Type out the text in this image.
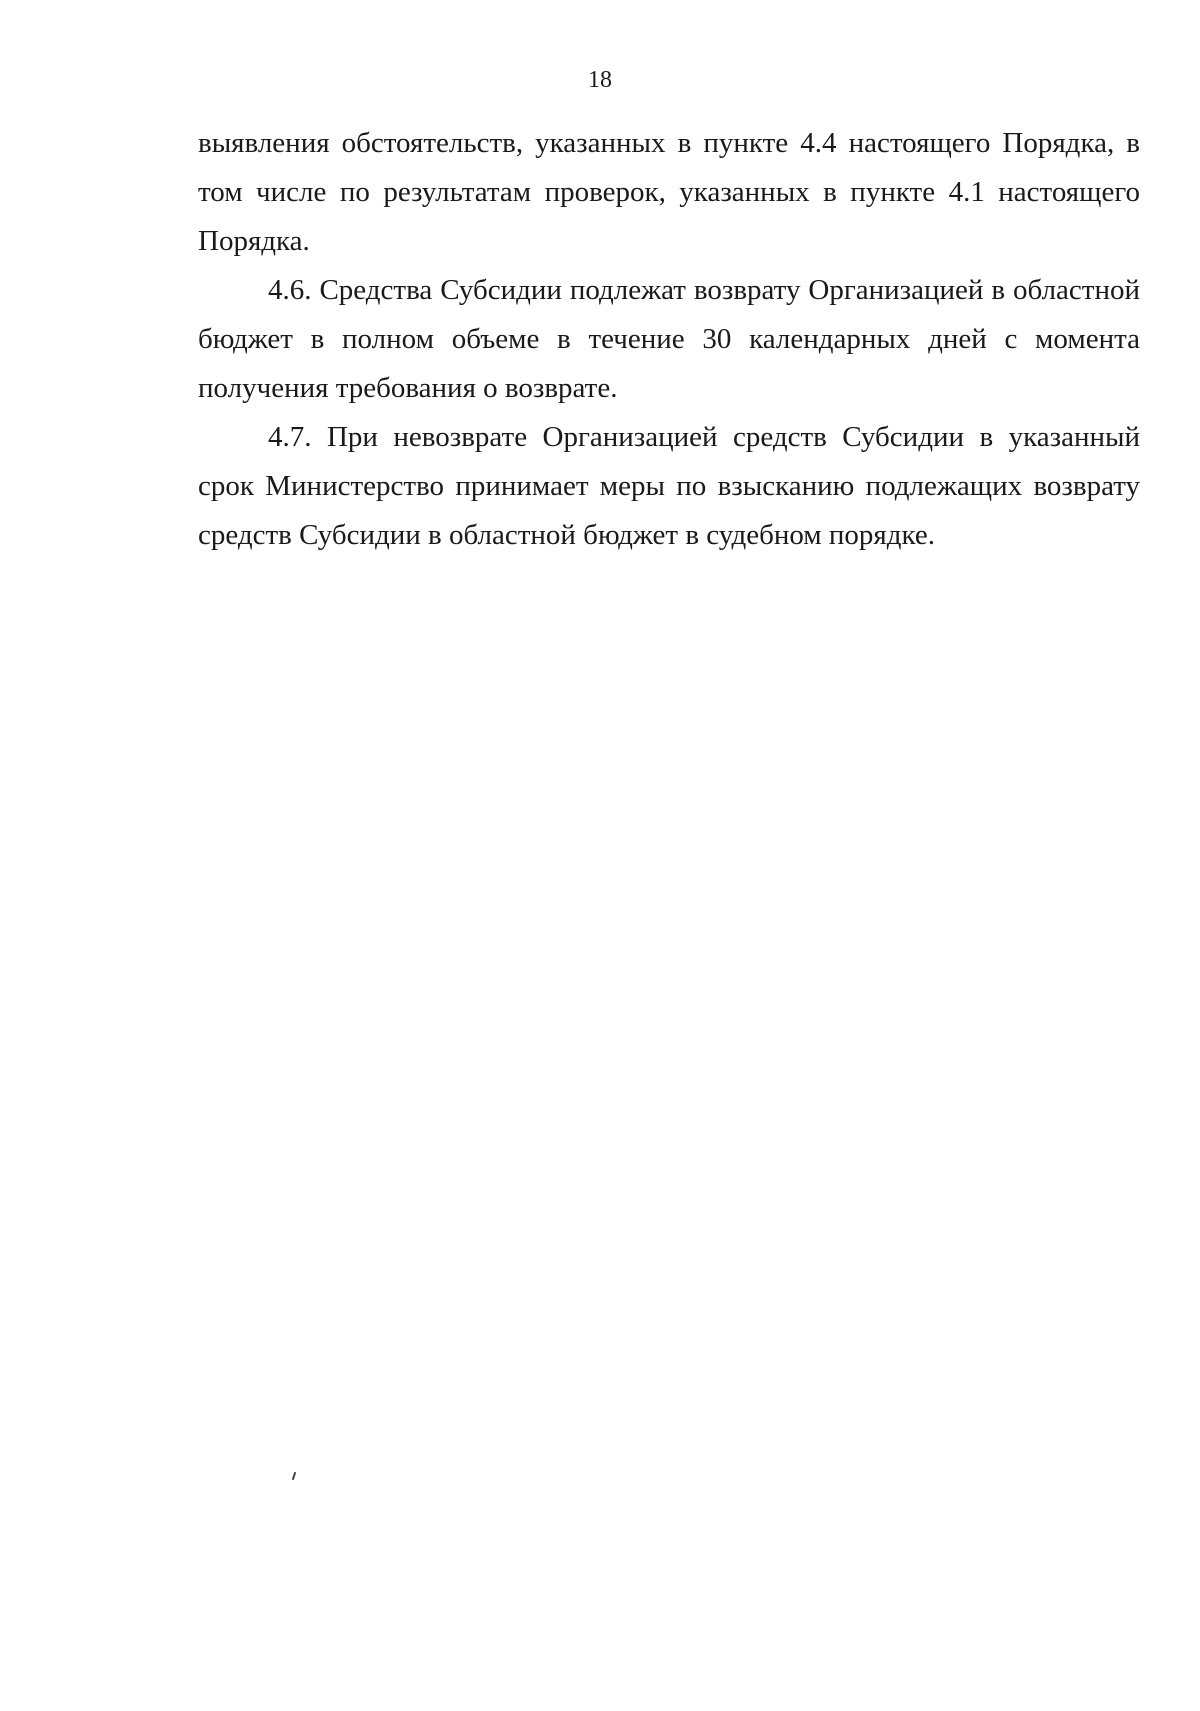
18

выявления обстоятельств, указанных в пункте 4.4 настоящего Порядка, в том числе по результатам проверок, указанных в пункте 4.1 настоящего Порядка.

4.6. Средства Субсидии подлежат возврату Организацией в областной бюджет в полном объеме в течение 30 календарных дней с момента получения требования о возврате.

4.7. При невозврате Организацией средств Субсидии в указанный срок Министерство принимает меры по взысканию подлежащих возврату средств Субсидии в областной бюджет в судебном порядке.
